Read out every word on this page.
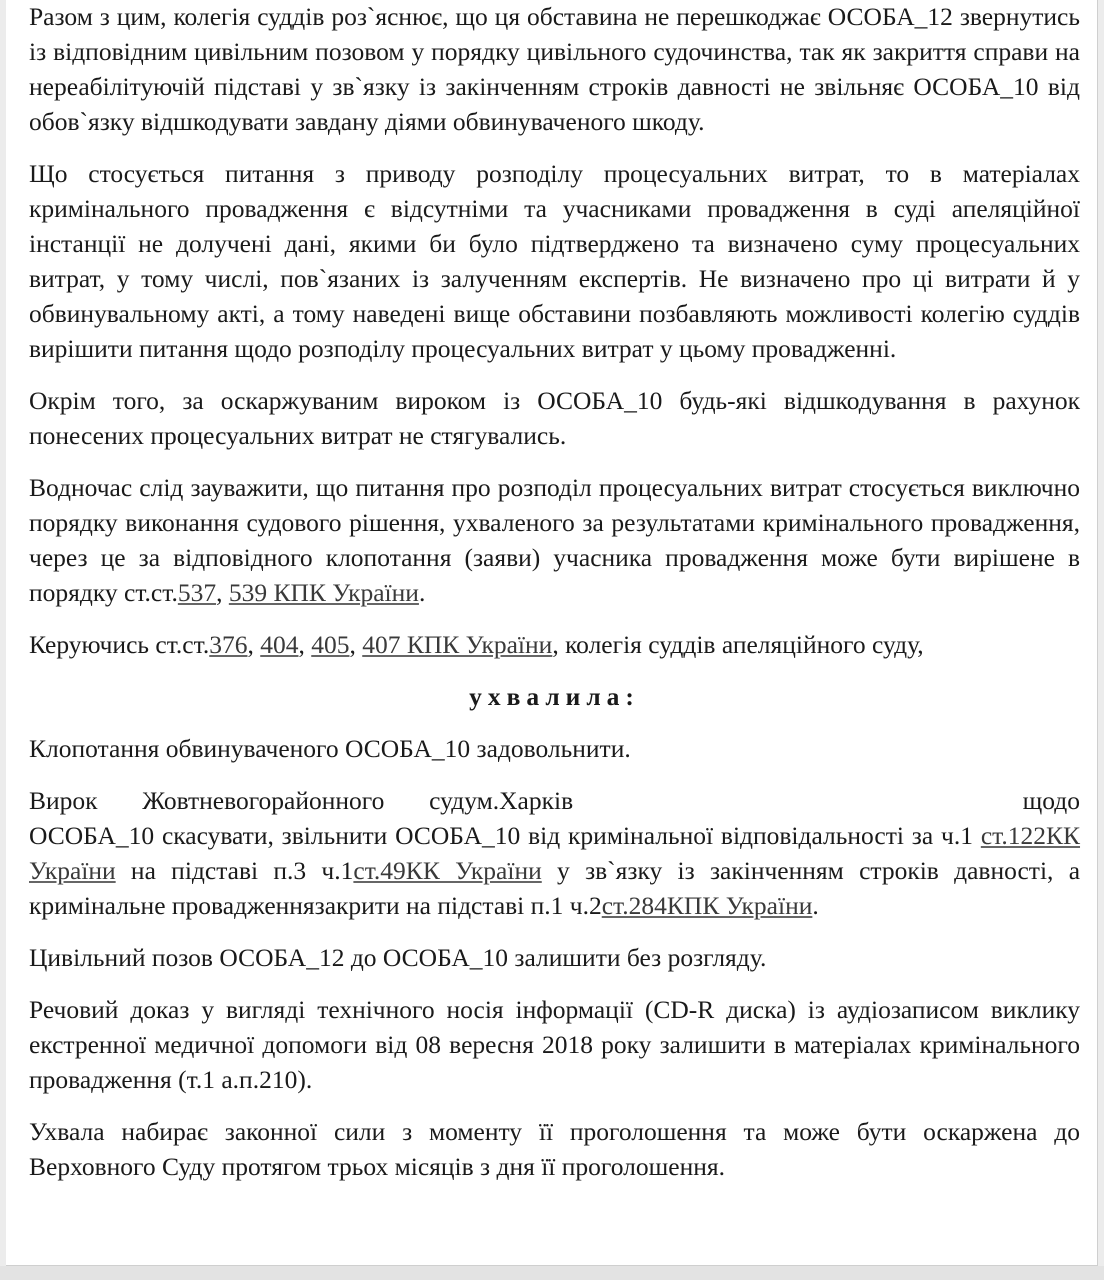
Разом з цим, колегія суддів роз`яснює, що ця обставина не перешкоджає ОСОБА_12 звернутись із відповідним цивільним позовом у порядку цивільного судочинства, так як закриття справи на нереабілітуючій підставі у зв`язку із закінченням строків давності не звільняє ОСОБА_10 від обов`язку відшкодувати завдану діями обвинуваченого шкоду.

Що стосується питання з приводу розподілу процесуальних витрат, то в матеріалах кримінального провадження є відсутніми та учасниками провадження в суді апеляційної інстанції не долучені дані, якими би було підтверджено та визначено суму процесуальних витрат, у тому числі, пов`язаних із залученням експертів. Не визначено про ці витрати й у обвинувальному акті, а тому наведені вище обставини позбавляють можливості колегію суддів вирішити питання щодо розподілу процесуальних витрат у цьому провадженні.

Окрім того, за оскаржуваним вироком із ОСОБА_10 будь-які відшкодування в рахунок понесених процесуальних витрат не стягувались.

Водночас слід зауважити, що питання про розподіл процесуальних витрат стосується виключно порядку виконання судового рішення, ухваленого за результатами кримінального провадження, через це за відповідного клопотання (заяви) учасника провадження може бути вирішене в порядку ст.ст.537, 539 КПК України.

Керуючись ст.ст.376, 404, 405, 407 КПК України, колегія суддів апеляційного суду,

ухвалила:

Клопотання обвинуваченого ОСОБА_10 задовольнити.

Вирок Жовтневогорайонного судум.Харків	щодо

ОСОБА_10 скасувати, звільнити ОСОБА_10 від кримінальної відповідальності за ч.1 ст.122КК України на підставі п.3 ч.1ст.49КК України у зв`язку із закінченням строків давності, а кримінальне провадженнязакрити на підставі п.1 ч.2ст.284КПК України.

Цивільний позов ОСОБА_12 до ОСОБА_10 залишити без розгляду.

Речовий доказ у вигляді технічного носія інформації (CD-R диска) із аудіозаписом виклику екстренної медичної допомоги від 08 вересня 2018 року залишити в матеріалах кримінального провадження (т.1 а.п.210).

Ухвала набирає законної сили з моменту її проголошення та може бути оскаржена до Верховного Суду протягом трьох місяців з дня її проголошення.
